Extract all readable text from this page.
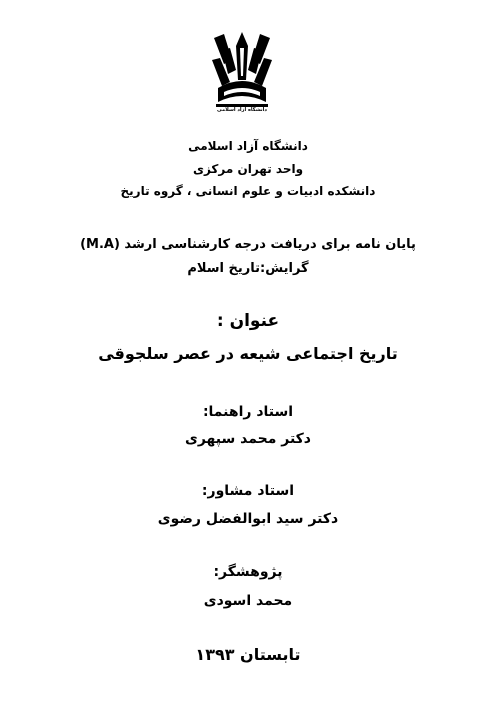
دانشگاه آزاد اسلامی
دانشگاه آزاد اسلامی
واحد تهران مرکزی
دانشکده ادبیات و علوم انسانی ، گروه تاریخ
پایان نامه برای دریافت درجه کارشناسی ارشد (M.A)
گرایش:تاریخ اسلام
عنوان :
تاریخ اجتماعی شیعه در عصر سلجوقی
استاد راهنما:
دکتر محمد سپهری
استاد مشاور:
دکتر سید ابوالفضل رضوی
پژوهشگر:
محمد اسودی
تابستان ۱۳۹۳
